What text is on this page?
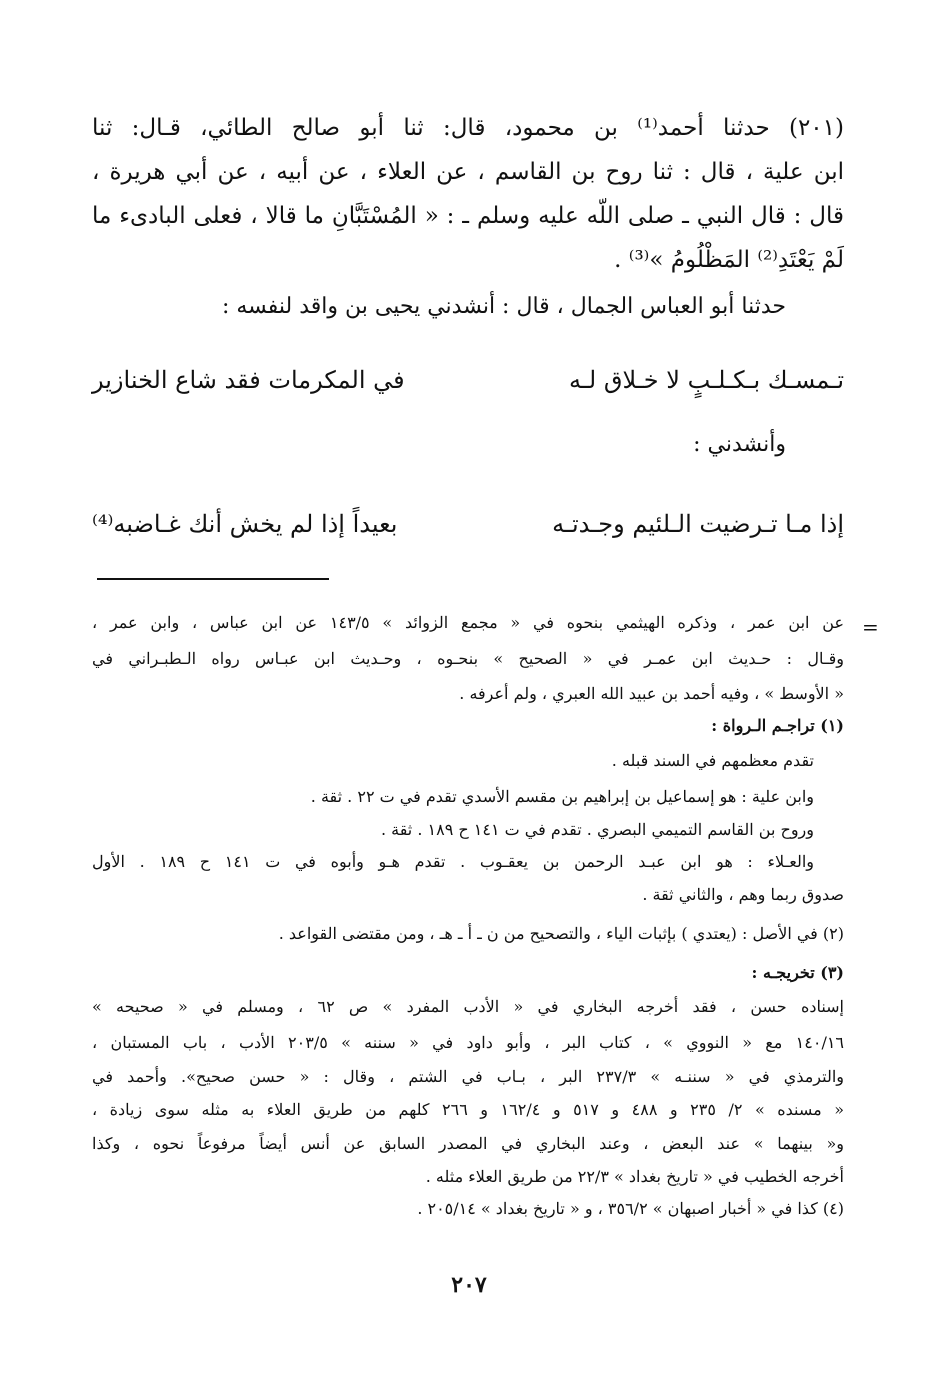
(٢٠١) حدثنا أحمد⁽¹⁾ بن محمود، قال: ثنا أبو صالح الطائي، قـال: ثنا
ابن علية ، قال : ثنا روح بن القاسم ، عن العلاء ، عن أبيه ، عن أبي هريرة ،
قال : قال النبي ـ صلى اللّه عليه وسلم ـ : « المُسْتَبَّانِ ما قالا ، فعلى البادىء ما
لَمْ يَعْتَدِ⁽²⁾ المَظْلُومُ »⁽³⁾ .
حدثنا أبو العباس الجمال ، قال : أنشدني يحيى بن واقد لنفسه :
تـمسـك بـكـلـبٍ لا خـلاق لـه
في المكرمات فقد شاع الخنازير
وأنشدني :
إذا مـا تـرضيت الـلئيم وجـدتـه
بعيداً إذا لم يخش أنك غـاضبه⁽⁴⁾
=
عن ابن عمر ، وذكره الهيثمي بنحوه في « مجمع الزوائد » ١٤٣/٥ عن ابن عباس ، وابن عمر ،
وقـال : حـديث ابن عمـر في « الصحيح » بنحـوه ، وحـديث ابن عبـاس رواه الـطبـراني في
« الأوسط » ، وفيه أحمد بن عبيد الله العبري ، ولم أعرفه .
(١) تراجـم الـرواة :
تقدم معظمهم في السند قبله .
وابن علية : هو إسماعيل بن إبراهيم بن مقسم الأسدي تقدم في ت ٢٢ . ثقة .
وروح بن القاسم التميمي البصري . تقدم في ت ١٤١ ح ١٨٩ . ثقة .
والعـلاء : هو ابن عبـد الرحمن بن يعقـوب . تقدم هـو وأبوه في ت ١٤١ ح ١٨٩ . الأول
صدوق ربما وهم ، والثاني ثقة .
(٢) في الأصل : (يعتدي ) بإثبات الياء ، والتصحيح من ن ـ أ ـ هـ ، ومن مقتضى القواعد .
(٣) تخريجـه :
إسناده حسن ، فقد أخرجه البخاري في « الأدب المفرد » ص ٦٢ ، ومسلم في « صحيحه »
١٤٠/١٦ مع « النووي » ، كتاب البر ، وأبو داود في « سننه » ٢٠٣/٥ الأدب ، باب المستبان ،
والترمذي في « سننـه » ٢٣٧/٣ البر ، بـاب في الشتم ، وقال : « حسن صحيح». وأحمد في
« مسنده » ٢/ ٢٣٥ و ٤٨٨ و ٥١٧ و ١٦٢/٤ و ٢٦٦ كلهم من طريق العلاء به مثله سوى زيادة ،
و« بينهما » عند البعض ، وعند البخاري في المصدر السابق عن أنس أيضاً مرفوعاً نحوه ، وكذا
أخرجه الخطيب في « تاريخ بغداد » ٢٢/٣ من طريق العلاء مثله .
(٤) كذا في « أخبار اصبهان » ٣٥٦/٢ ، و « تاريخ بغداد » ٢٠٥/١٤ .
٢٠٧
